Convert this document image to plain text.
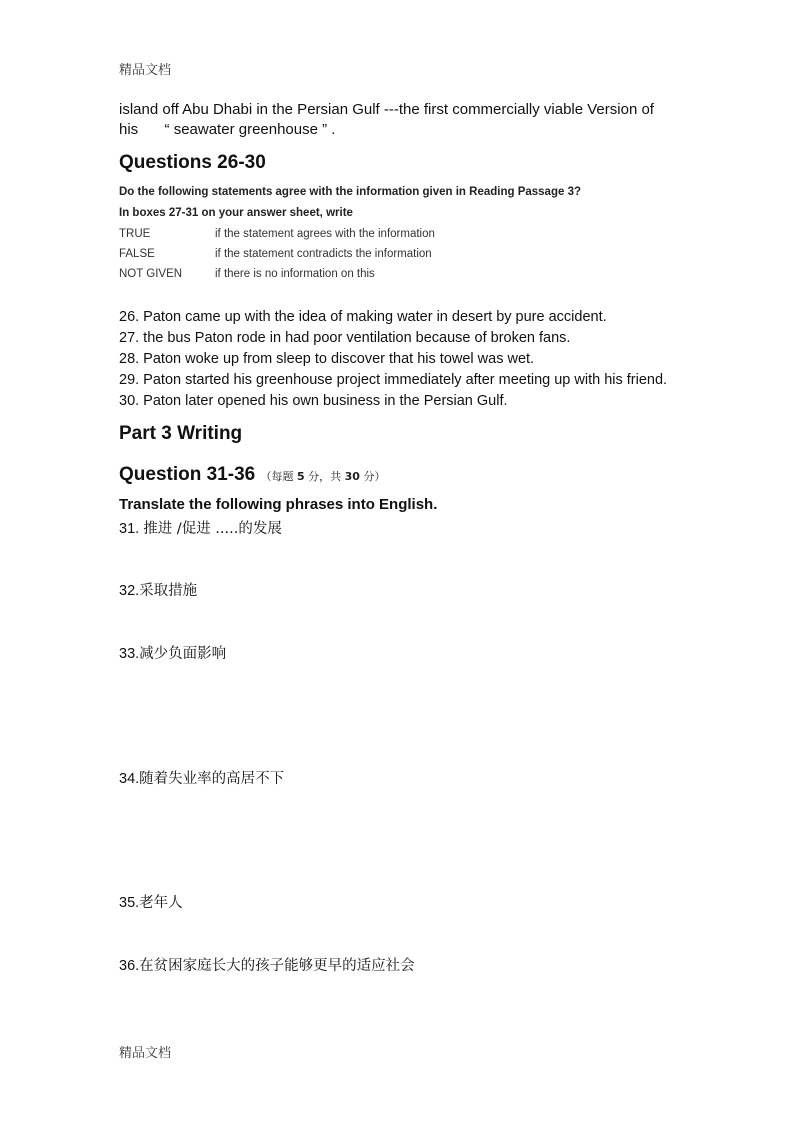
精品文档
island off Abu Dhabi in the Persian Gulf ---the first commercially viable Version of
his “ seawater greenhouse ” .
Questions 26-30
Do the following statements agree with the information given in Reading Passage 3?
In boxes 27-31 on your answer sheet, write
TRUE	if the statement agrees with the information
FALSE	if the statement contradicts the information
NOT GIVEN	if there is no information on this
26. Paton came up with the idea of making water in desert by pure accident.
27. the bus Paton rode in had poor ventilation because of broken fans.
28. Paton woke up from sleep to discover that his towel was wet.
29. Paton started his greenhouse project immediately after meeting up with his friend.
30. Paton later opened his own business in the Persian Gulf.
Part 3 Writing
Question 31-36 （每题 5 分，共 30 分）
Translate the following phrases into English.
31. 推进 /促进 .....的发展
32.采取措施
33.减少负面影响
34.随着失业率的高居不下
35.老年人
36.在贫困家庭长大的孩子能够更早的适应社会
精品文档
